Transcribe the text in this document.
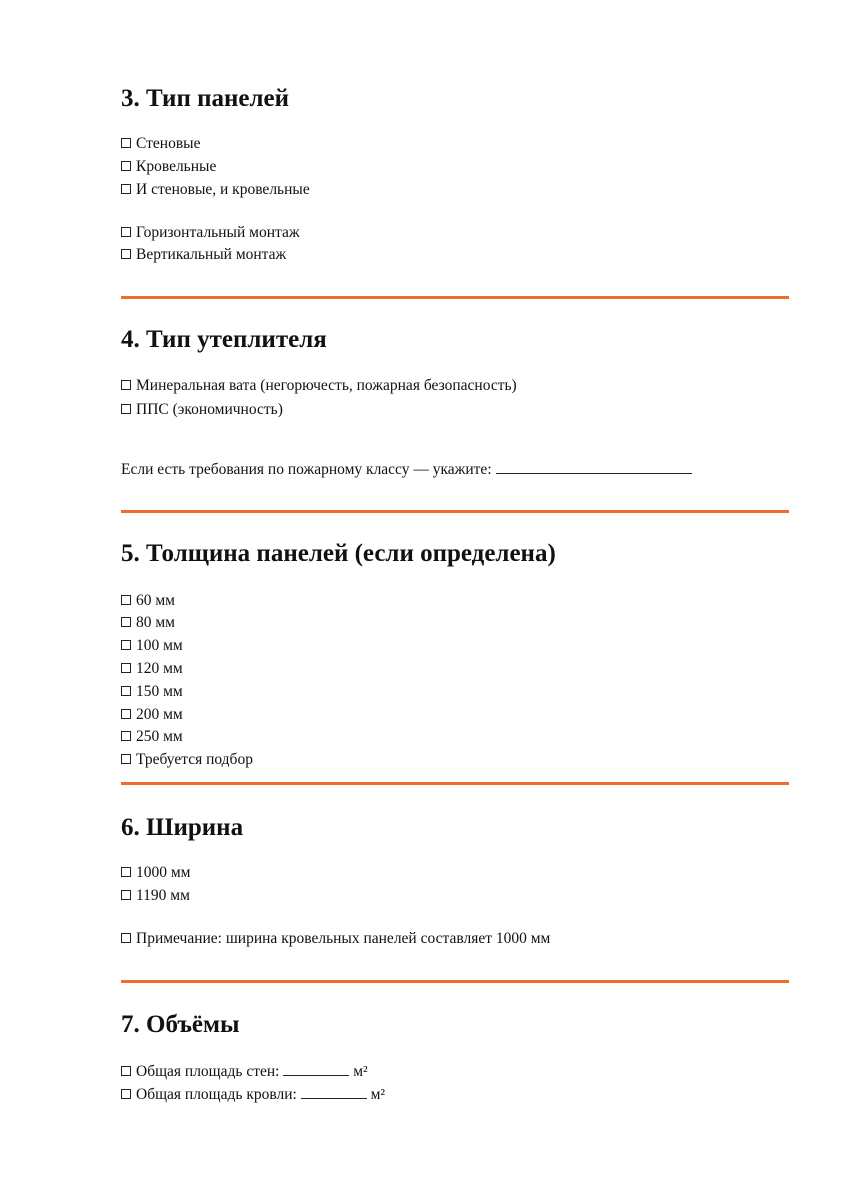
3. Тип панелей
Стеновые
Кровельные
И стеновые, и кровельные
Горизонтальный монтаж
Вертикальный монтаж
4. Тип утеплителя
Минеральная вата (негорючесть, пожарная безопасность)
ППС (экономичность)
Если есть требования по пожарному классу — укажите:
5. Толщина панелей (если определена)
60 мм
80 мм
100 мм
120 мм
150 мм
200 мм
250 мм
Требуется подбор
6. Ширина
1000 мм
1190 мм
Примечание: ширина кровельных панелей составляет 1000 мм
7. Объёмы
Общая площадь стен:	м²
Общая площадь кровли:	м²
